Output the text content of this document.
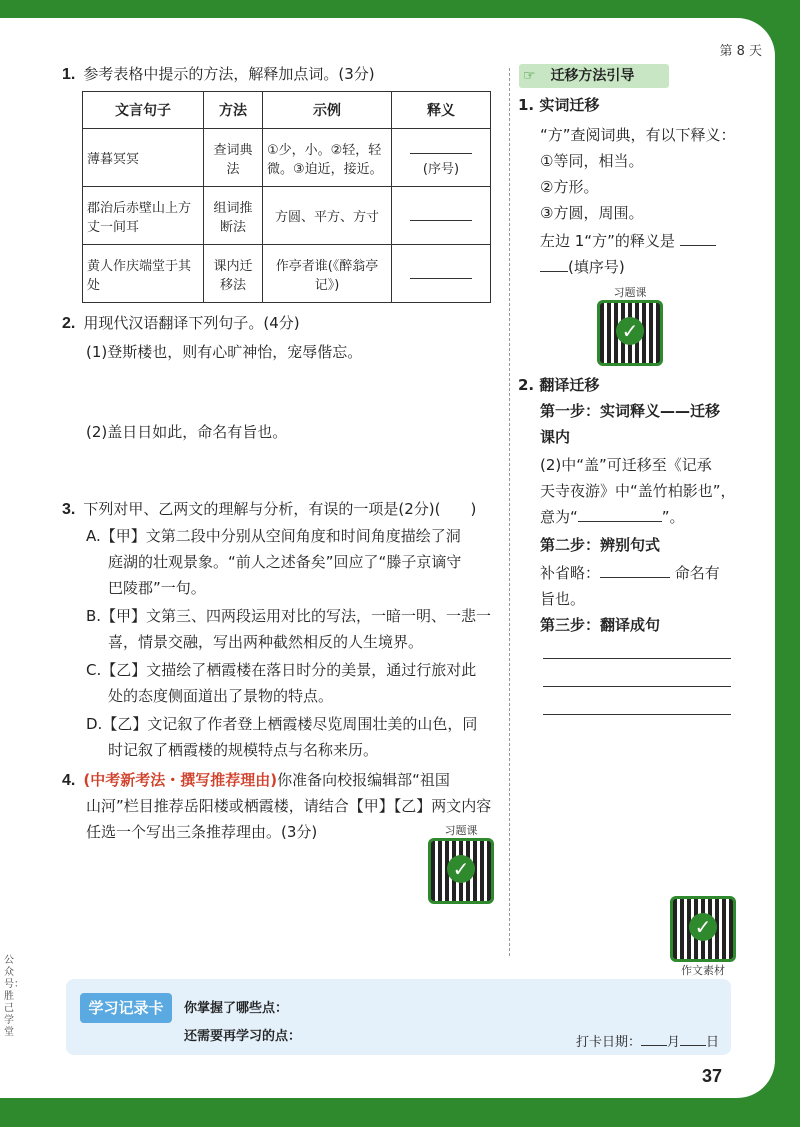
第 8 天
1. 参考表格中提示的方法，解释加点词。(3分)
文言句子	方法	示例	释义
薄暮冥冥	查词典法	①少，小。②轻，轻微。③迫近，接近。	(序号)
郡治后赤壁山上方丈一间耳	组词推断法	方圆、平方、方寸	
黄人作庆端堂于其处	课内迁移法	作亭者谁(《醉翁亭记》)	
2. 用现代汉语翻译下列句子。(4分)
(1)登斯楼也，则有心旷神怡，宠辱偕忘。
(2)盖日日如此，命名有旨也。
3. 下列对甲、乙两文的理解与分析，有误的一项是(2分)(　　)
A.【甲】文第二段中分别从空间角度和时间角度描绘了洞
庭湖的壮观景象。“前人之述备矣”回应了“滕子京谪守
巴陵郡”一句。
B.【甲】文第三、四两段运用对比的写法，一暗一明、一悲一
喜，情景交融，写出两种截然相反的人生境界。
C.【乙】文描绘了栖霞楼在落日时分的美景，通过行旅对此
处的态度侧面道出了景物的特点。
D.【乙】文记叙了作者登上栖霞楼尽览周围壮美的山色，同
时记叙了栖霞楼的规模特点与名称来历。
4. (中考新考法・撰写推荐理由)你准备向校报编辑部“祖国
山河”栏目推荐岳阳楼或栖霞楼，请结合【甲】【乙】两文内容
任选一个写出三条推荐理由。(3分)	习题课
✓
☞ 迁移方法引导
1. 实词迁移
“方”查阅词典，有以下释义：
①等同，相当。
②方形。
③方圆，周围。
左边 1“方”的释义是
(填序号)
习题课
✓
2. 翻译迁移
第一步：实词释义——迁移
课内
(2)中“盖”可迁移至《记承
天寺夜游》中“盖竹柏影也”，
意为“	”。
第二步：辨别句式
补省略：	命名有
旨也。
第三步：翻译成句
✓
作文素材
学习记录卡	你掌握了哪些点：
还需要再学习的点：	打卡日期： 月 日
37
公众号：胜己学堂
